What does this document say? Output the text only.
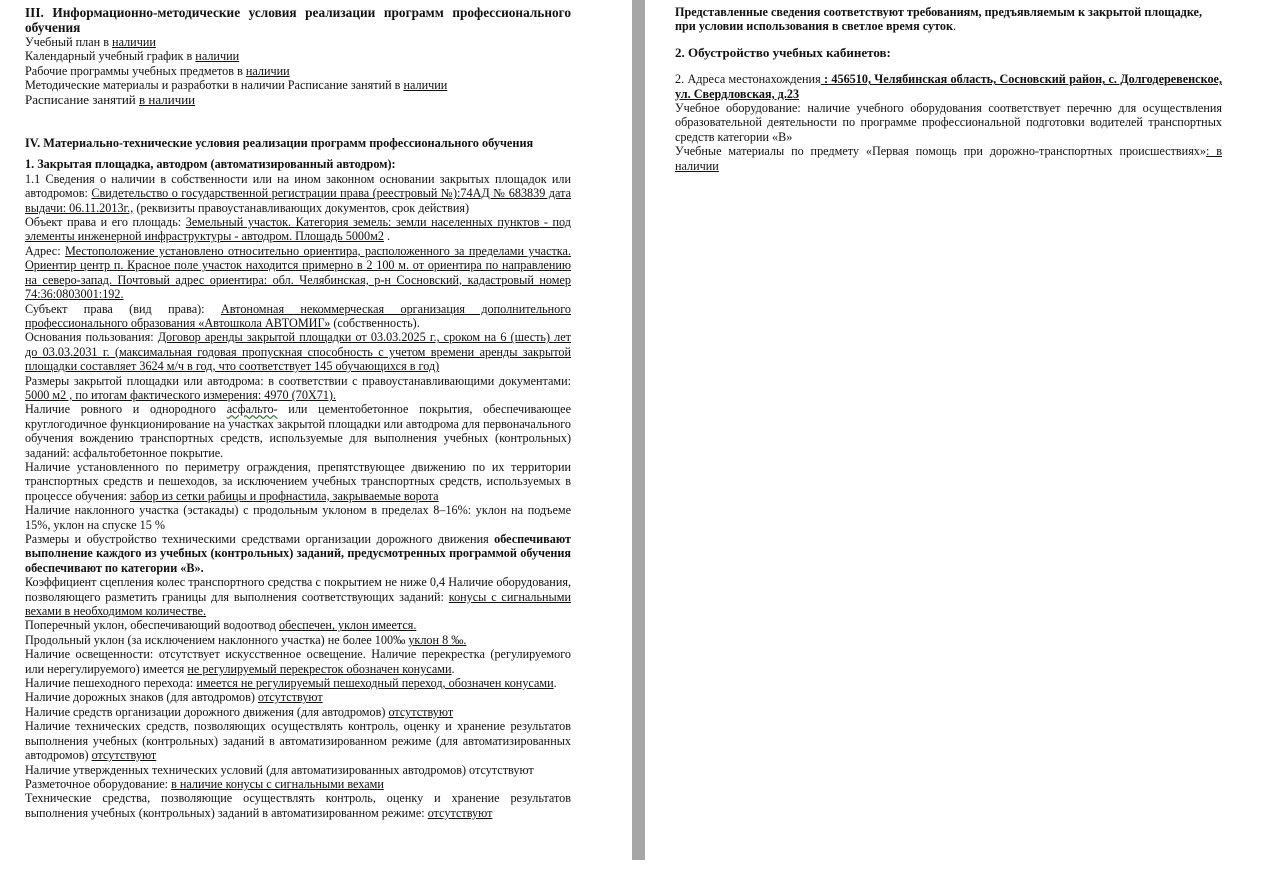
III. Информационно-методические условия реализации программ профессионального обучения

Учебный план в наличии

Календарный учебный график в наличии

Рабочие программы учебных предметов в наличии

Методические материалы и разработки в наличии Расписание занятий в наличии

Расписание занятий в наличии

IV. Материально-технические условия реализации программ профессионального обучения

1. Закрытая площадка, автодром (автоматизированный автодром):

1.1 Сведения о наличии в собственности или на ином законном основании закрытых площадок или автодромов: Свидетельство о государственной регистрации права (реестровый №):74АД № 683839 дата выдачи: 06.11.2013г., (реквизиты правоустанавливающих документов, срок действия)

Объект права и его площадь: Земельный участок. Категория земель: земли населенных пунктов - под элементы инженерной инфраструктуры - автодром. Площадь 5000м2 .

Адрес: Местоположение установлено относительно ориентира, расположенного за пределами участка. Ориентир центр п. Красное поле участок находится примерно в 2 100 м. от ориентира по направлению на северо-запад. Почтовый адрес ориентира: обл. Челябинская, р-н Сосновский, кадастровый номер 74:36:0803001:192.

Субъект права (вид права): Автономная некоммерческая организация дополнительного профессионального образования «Автошкола АВТОМИГ» (собственность).

Основания пользования: Договор аренды закрытой площадки от 03.03.2025 г., сроком на 6 (шесть) лет до 03.03.2031 г. (максимальная годовая пропускная способность с учетом времени аренды закрытой площадки составляет 3624 м/ч в год, что соответствует 145 обучающихся в год)

Размеры закрытой площадки или автодрома: в соответствии с правоустанавливающими документами: 5000 м2 , по итогам фактического измерения: 4970 (70Х71).

Наличие ровного и однородного асфальто- или цементобетонное покрытия, обеспечивающее круглогодичное функционирование на участках закрытой площадки или автодрома для первоначального обучения вождению транспортных средств, используемые для выполнения учебных (контрольных) заданий: асфальтобетонное покрытие.

Наличие установленного по периметру ограждения, препятствующее движению по их территории транспортных средств и пешеходов, за исключением учебных транспортных средств, используемых в процессе обучения: забор из сетки рабицы и профнастила, закрываемые ворота

Наличие наклонного участка (эстакады) с продольным уклоном в пределах 8–16%: уклон на подъеме 15%, уклон на спуске 15 %

Размеры и обустройство техническими средствами организации дорожного движения обеспечивают выполнение каждого из учебных (контрольных) заданий, предусмотренных программой обучения обеспечивают по категории «В».

Коэффициент сцепления колес транспортного средства с покрытием не ниже 0,4 Наличие оборудования, позволяющего разметить границы для выполнения соответствующих заданий: конусы с сигнальными вехами в необходимом количестве.

Поперечный уклон, обеспечивающий водоотвод обеспечен, уклон имеется.

Продольный уклон (за исключением наклонного участка) не более 100‰ уклон 8 ‰.

Наличие освещенности: отсутствует искусственное освещение. Наличие перекрестка (регулируемого или нерегулируемого) имеется не регулируемый перекресток обозначен конусами.

Наличие пешеходного перехода: имеется не регулируемый пешеходный переход, обозначен конусами.

Наличие дорожных знаков (для автодромов) отсутствуют

Наличие средств организации дорожного движения (для автодромов) отсутствуют

Наличие технических средств, позволяющих осуществлять контроль, оценку и хранение результатов выполнения учебных (контрольных) заданий в автоматизированном режиме (для автоматизированных автодромов) отсутствуют

Наличие утвержденных технических условий (для автоматизированных автодромов) отсутствуют

Разметочное оборудование: в наличие конусы с сигнальными вехами

Технические средства, позволяющие осуществлять контроль, оценку и хранение результатов выполнения учебных (контрольных) заданий в автоматизированном режиме: отсутствуют

Представленные сведения соответствуют требованиям, предъявляемым к закрытой площадке, при условии использования в светлое время суток.

2. Обустройство учебных кабинетов:

2. Адреса местонахождения : 456510, Челябинская область, Сосновский район, с. Долгодеревенское, ул. Свердловская, д.23

Учебное оборудование: наличие учебного оборудования соответствует перечню для осуществления образовательной деятельности по программе профессиональной подготовки водителей транспортных средств категории «В»

Учебные материалы по предмету «Первая помощь при дорожно-транспортных происшествиях»: в наличии
